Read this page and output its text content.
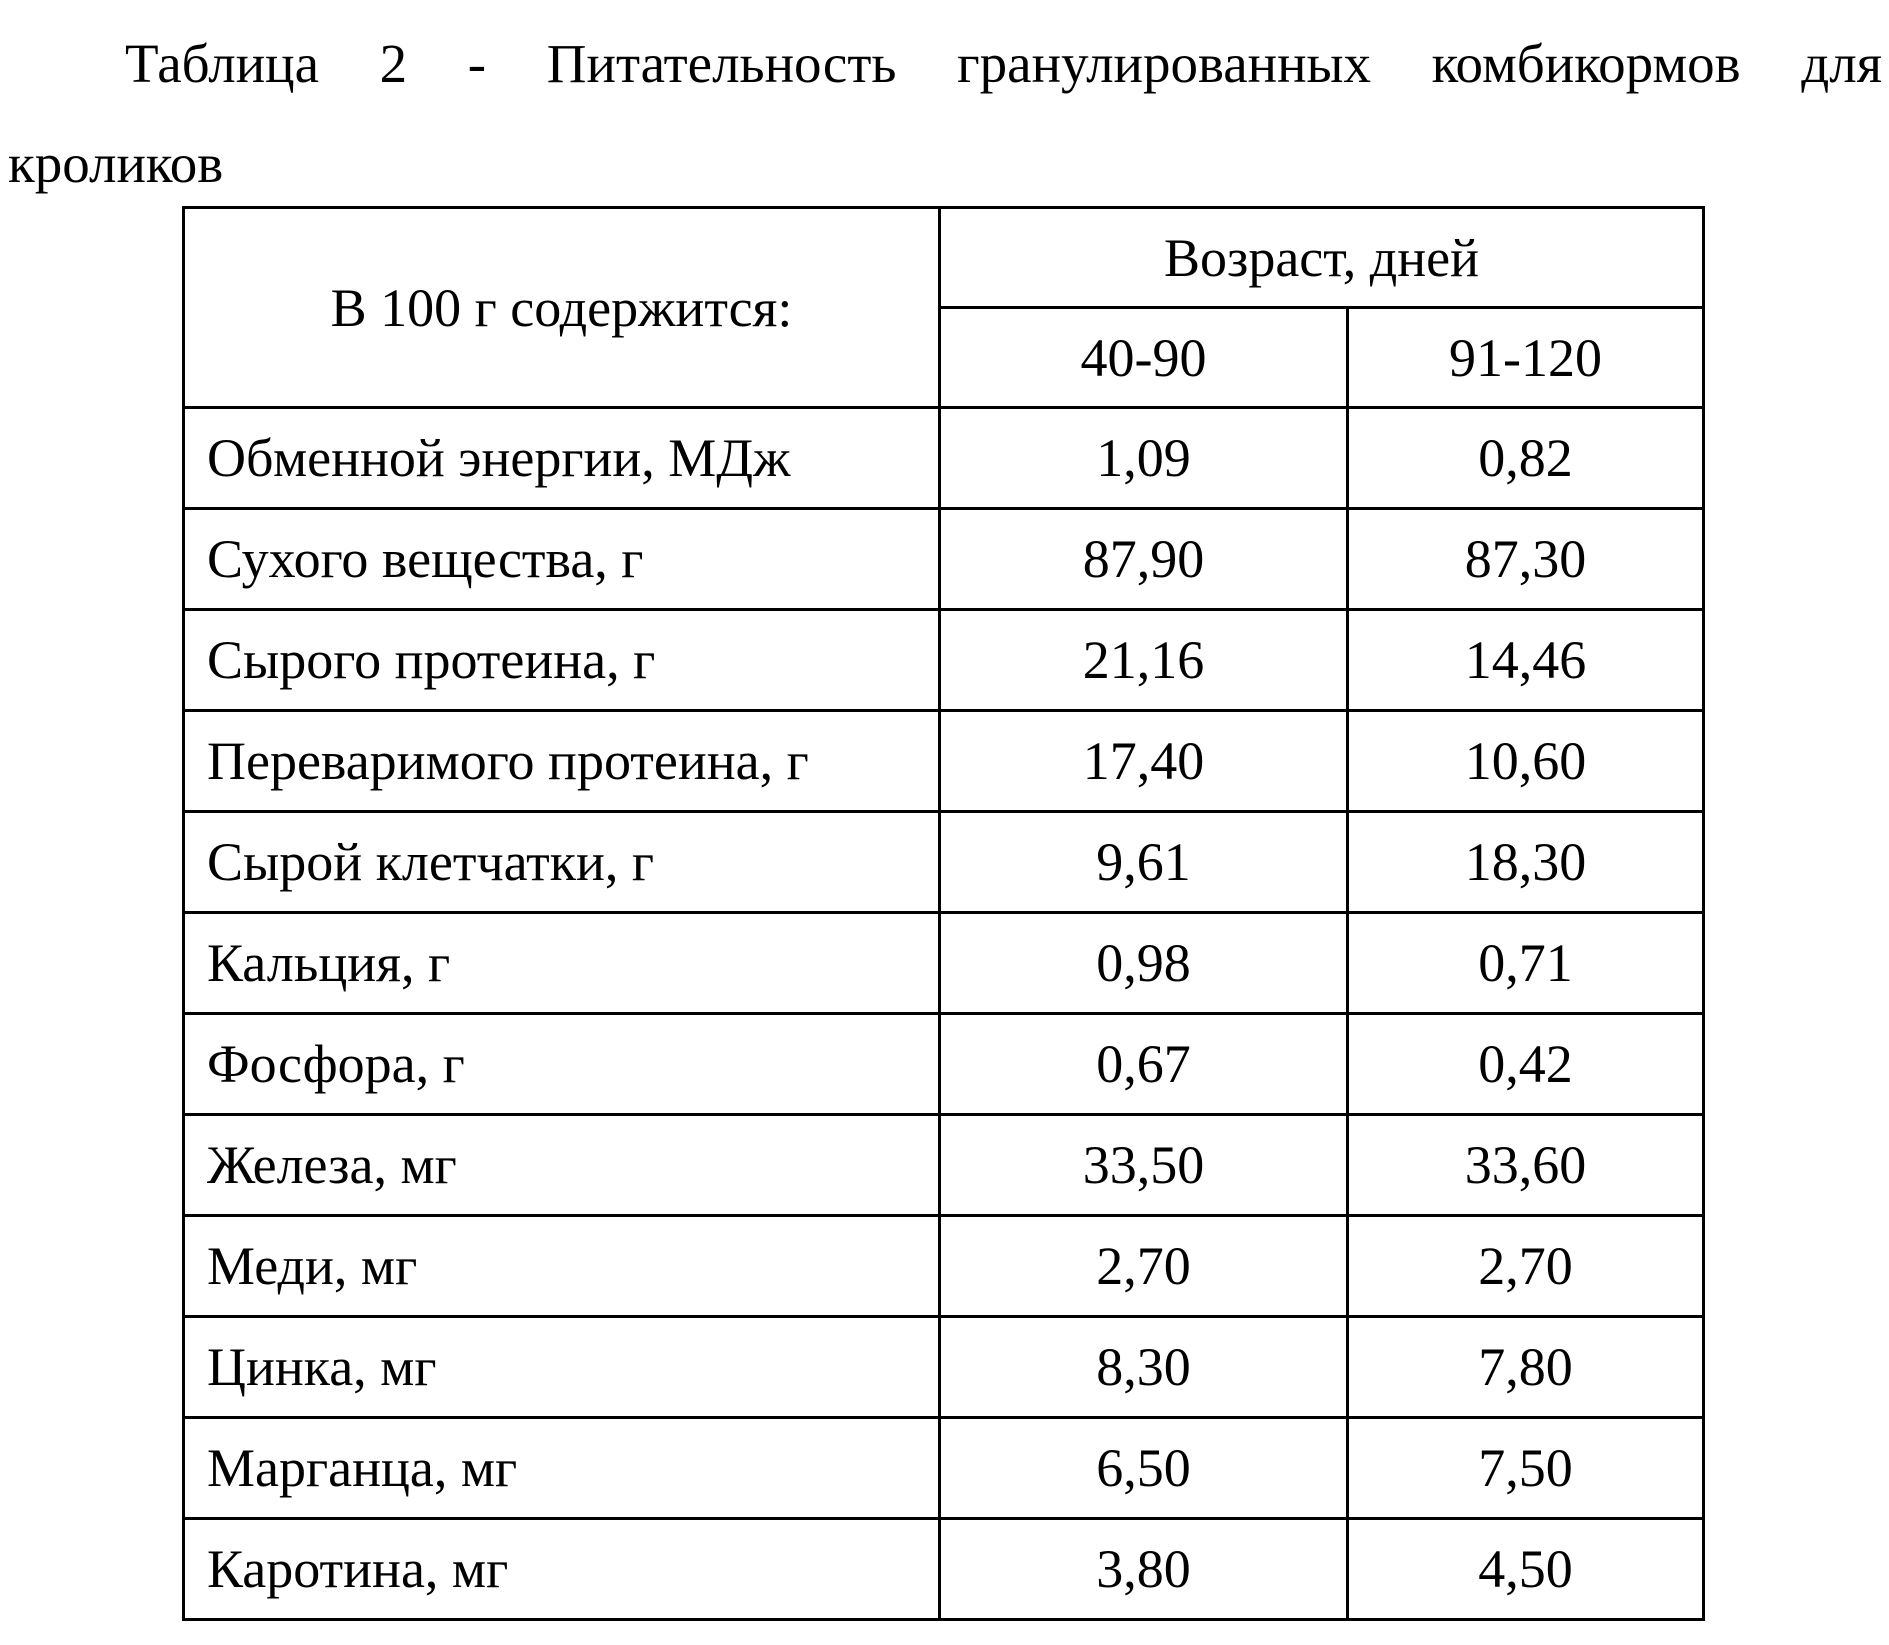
Таблица 2 - Питательность гранулированных комбикормов для
кроликов
В 100 г содержится:	Возраст, дней	
	40-90	91-120
Обменной энергии, МДж	1,09	0,82
Сухого вещества, г	87,90	87,30
Сырого протеина, г	21,16	14,46
Переваримого протеина, г	17,40	10,60
Сырой клетчатки, г	9,61	18,30
Кальция, г	0,98	0,71
Фосфора, г	0,67	0,42
Железа, мг	33,50	33,60
Меди, мг	2,70	2,70
Цинка, мг	8,30	7,80
Марганца, мг	6,50	7,50
Каротина, мг	3,80	4,50
